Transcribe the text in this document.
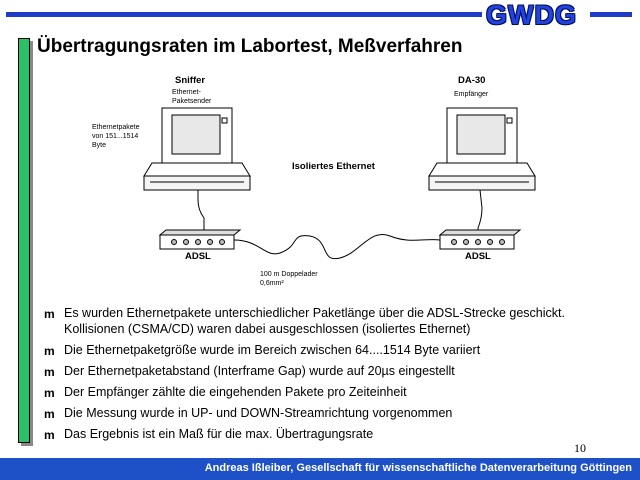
GWDG
Übertragungsraten im Labortest, Meßverfahren
Sniffer
Ethernet-
Paketsender
DA-30
Empfänger
Ethernetpakete
von 151...1514
Byte
Isoliertes Ethernet
ADSL	ADSL
100 m Doppelader
0,6mm²
m Es wurden Ethernetpakete unterschiedlicher Paketlänge über die ADSL-Strecke geschickt. Kollisionen (CSMA/CD) waren dabei ausgeschlossen (isoliertes Ethernet)
m Die Ethernetpaketgröße wurde im Bereich zwischen 64....1514 Byte variiert
m Der Ethernetpaketabstand (Interframe Gap) wurde auf 20µs eingestellt
m Der Empfänger zählte die eingehenden Pakete pro Zeiteinheit
m Die Messung wurde in UP- und DOWN-Streamrichtung vorgenommen
m Das Ergebnis ist ein Maß für die max. Übertragungsrate
10
Andreas Ißleiber, Gesellschaft für wissenschaftliche Datenverarbeitung Göttingen
